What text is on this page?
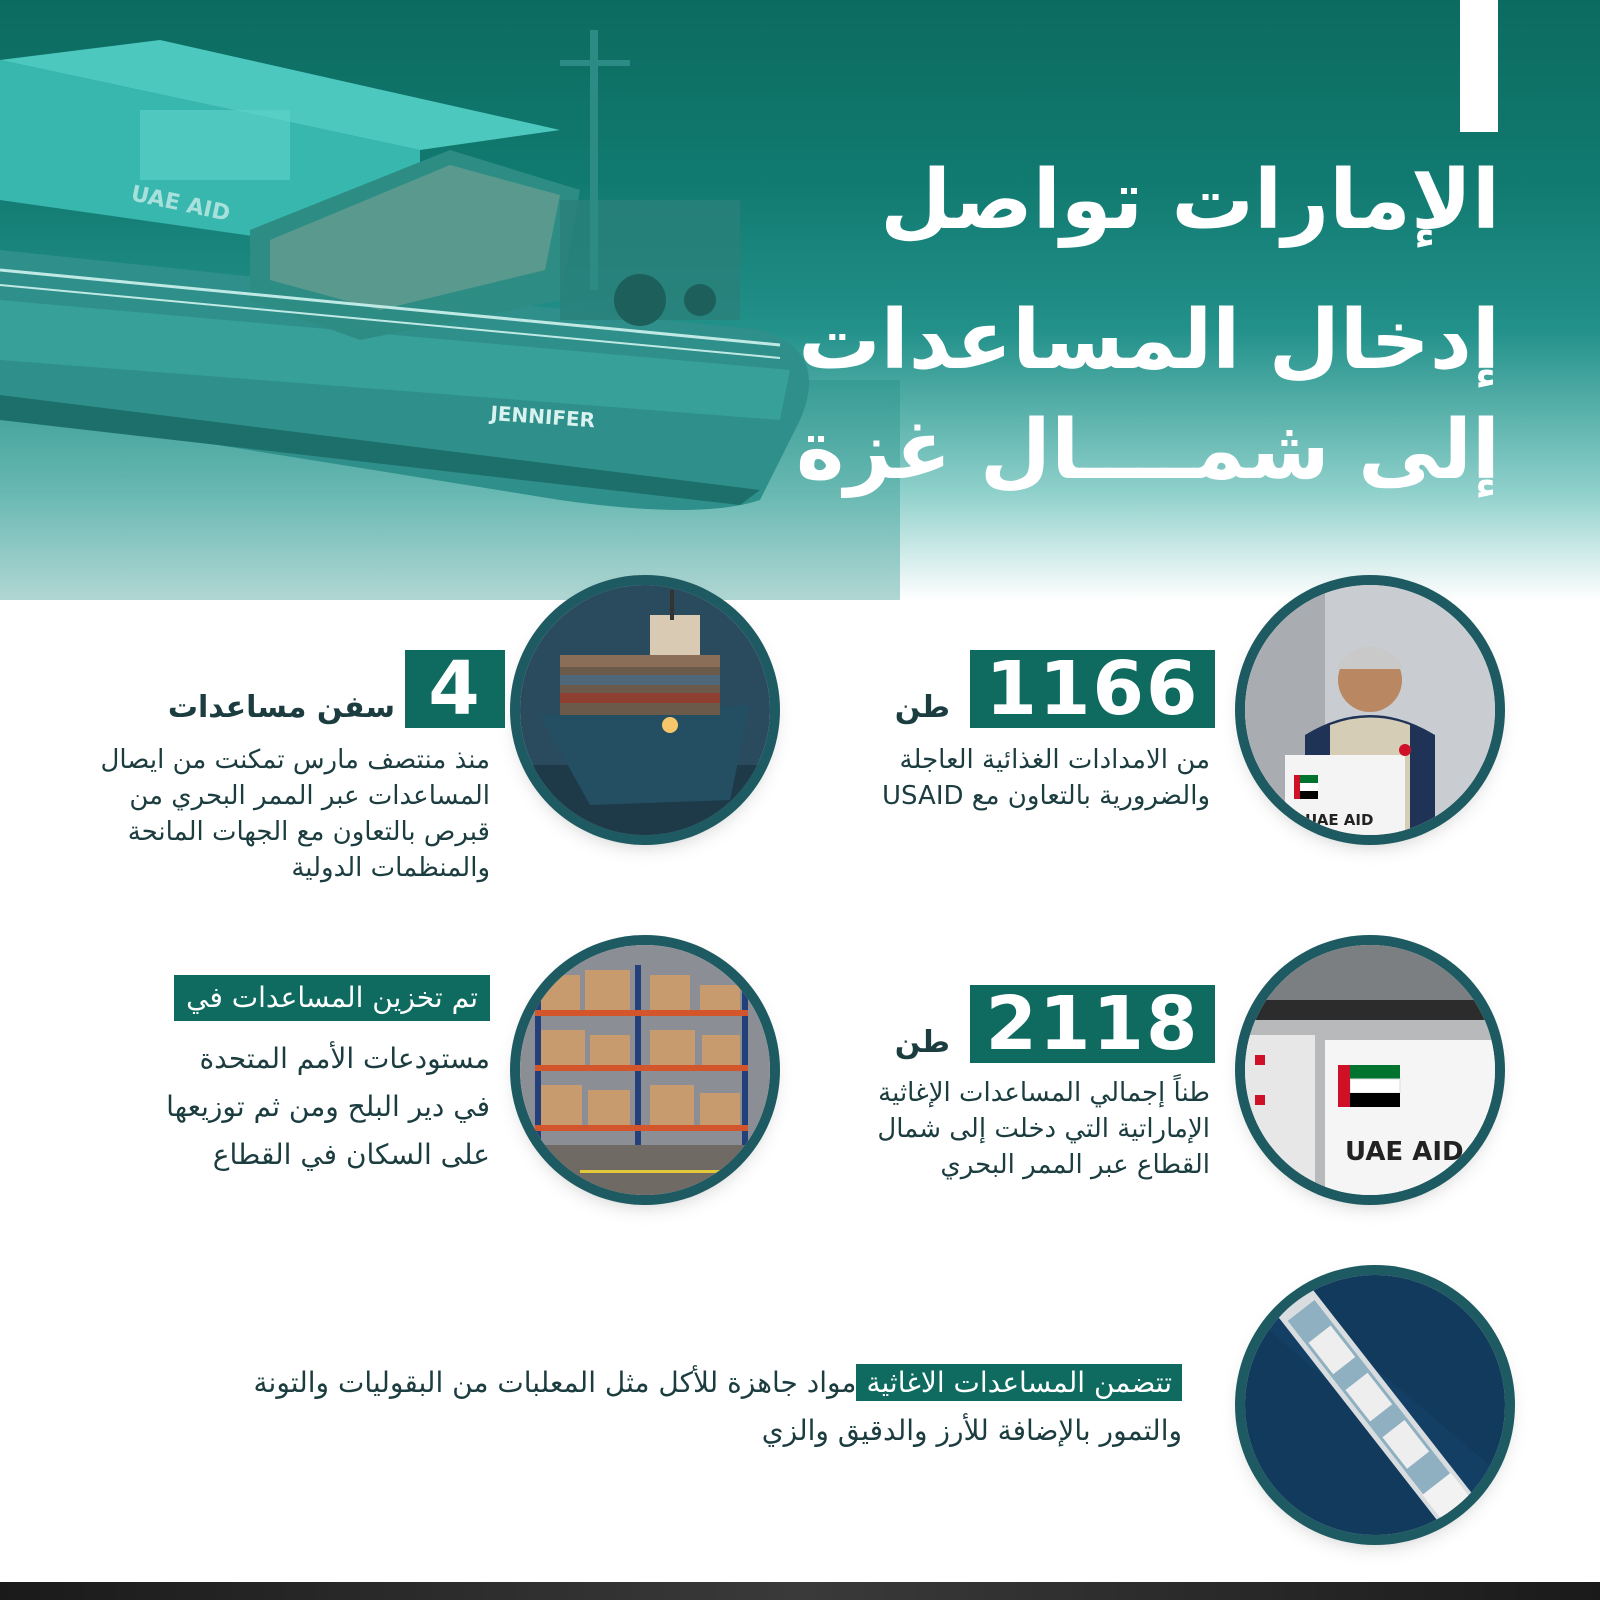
JENNIFER
UAE AID	الإمارات تواصل
إدخال المساعدات
إلى شمــــال غزة
4
سفن مساعدات
منذ منتصف مارس تمكنت من ايصال
المساعدات عبر الممر البحري من
قبرص بالتعاون مع الجهات المانحة
والمنظمات الدولية
UAE AID
1166
طن
من الامدادات الغذائية العاجلة
والضرورية بالتعاون مع USAID
تم تخزين المساعدات في
مستودعات الأمم المتحدة
في دير البلح ومن ثم توزيعها
على السكان في القطاع	UAE AID
2118
طن
طناً إجمالي المساعدات الإغاثية
الإماراتية التي دخلت إلى شمال
القطاع عبر الممر البحري
تتضمن المساعدات الاغاثيةمواد جاهزة للأكل مثل المعلبات من البقوليات والتونة
والتمور بالإضافة للأرز والدقيق والزي
